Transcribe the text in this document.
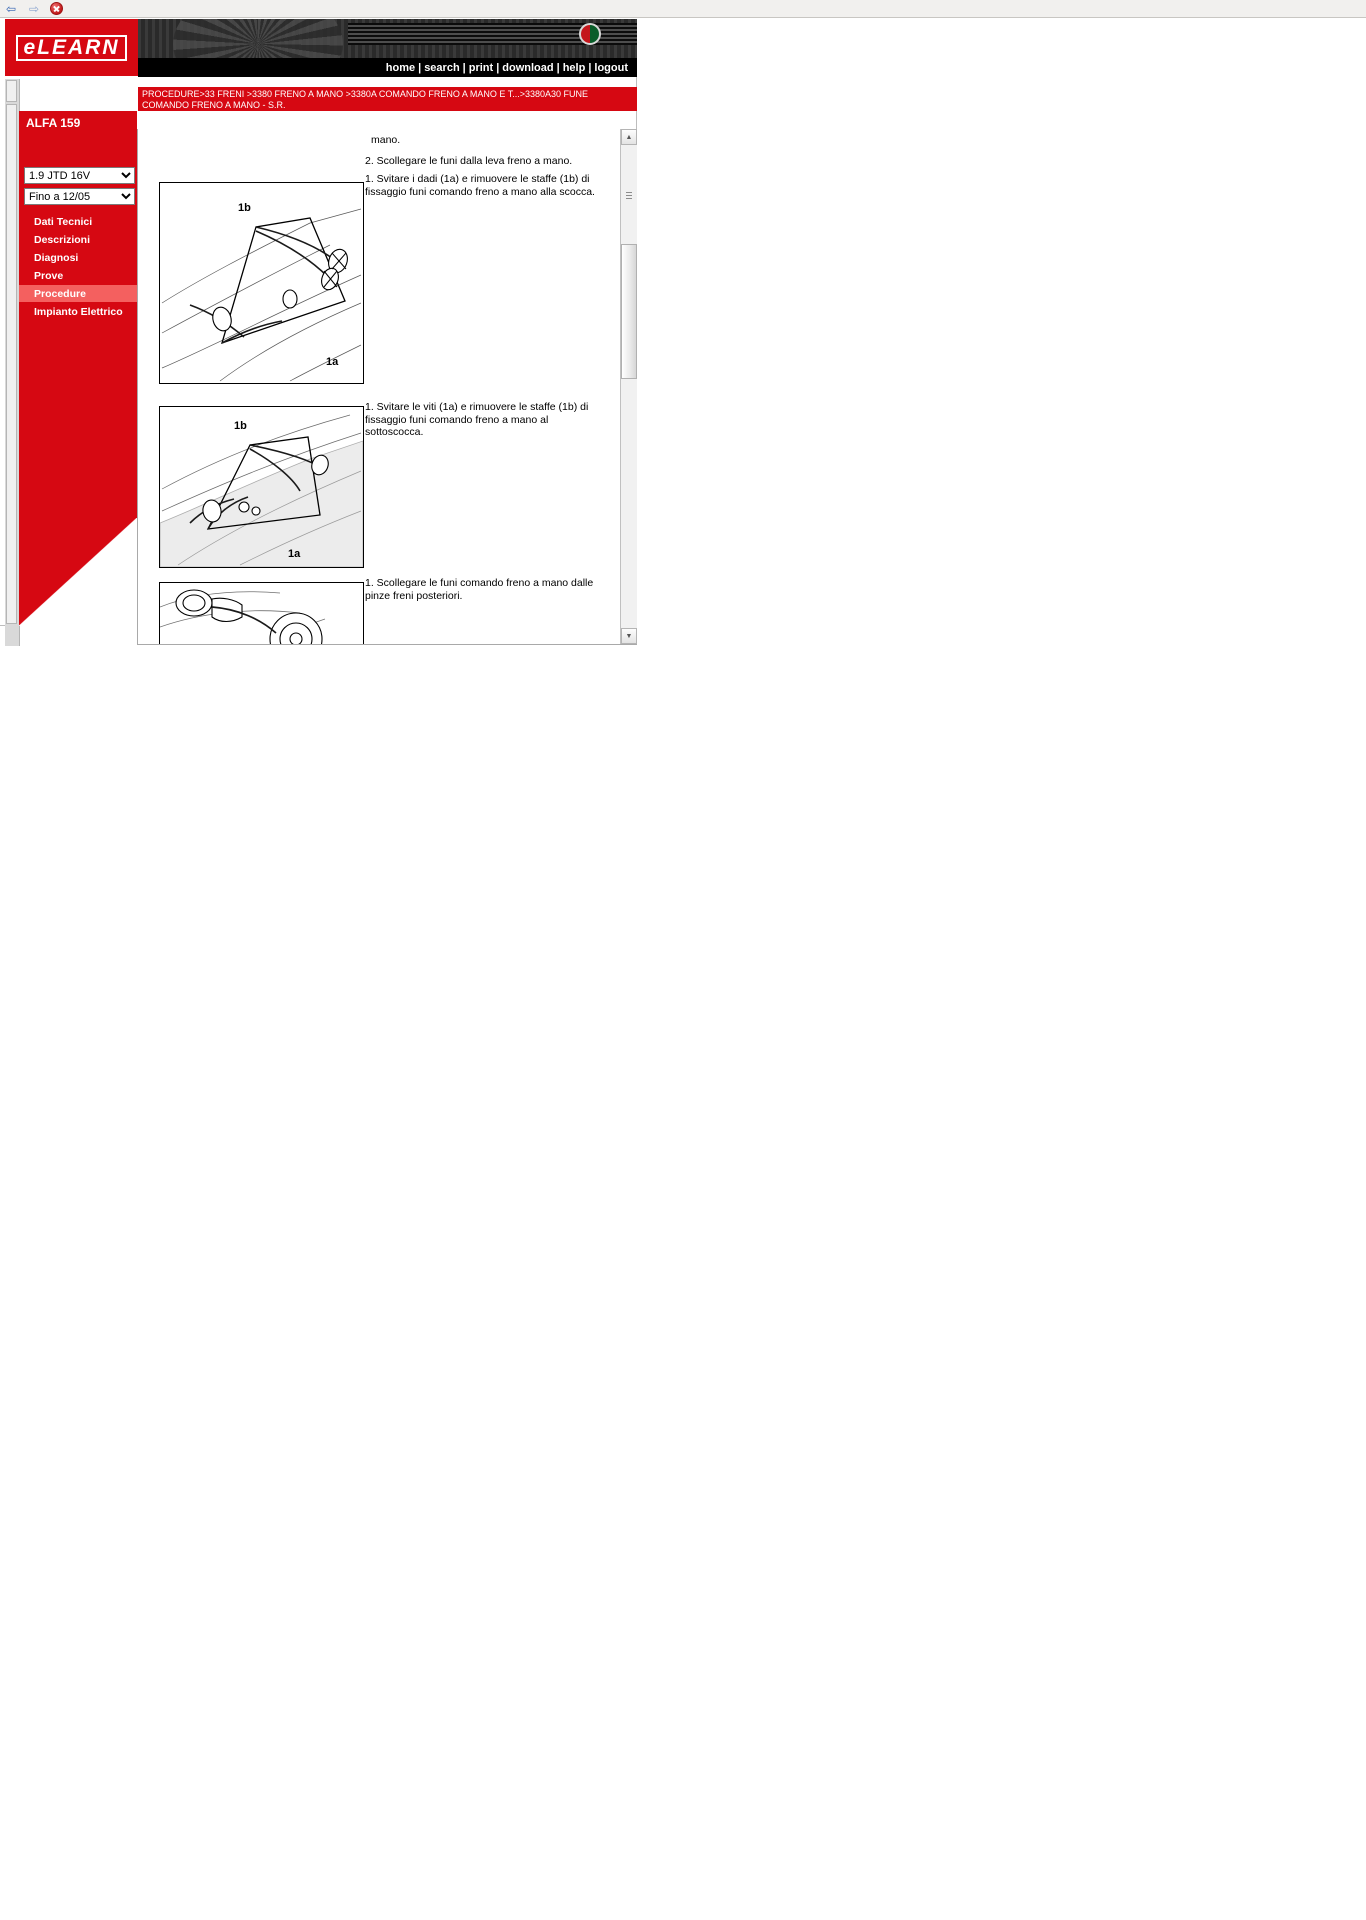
⇦ ⇨
eLEARN
home | search | print | download | help | logout
PROCEDURE>33 FRENI >3380 FRENO A MANO >3380A COMANDO FRENO A MANO E T...>3380A30 FUNE COMANDO FRENO A MANO - S.R.
ALFA 159
1.9 JTD 16V
Fino a 12/05
Dati Tecnici
Descrizioni
Diagnosi
Prove
Procedure
Impianto Elettrico
mano.
2. Scollegare le funi dalla leva freno a mano.
1. Svitare i dadi (1a) e rimuovere le staffe (1b) di fissaggio funi comando freno a mano alla scocca.
1b
1a
1. Svitare le viti (1a) e rimuovere le staffe (1b) di fissaggio funi comando freno a mano al sottoscocca.
1b
1a
1. Scollegare le funi comando freno a mano dalle pinze freni posteriori.
▲
▼
